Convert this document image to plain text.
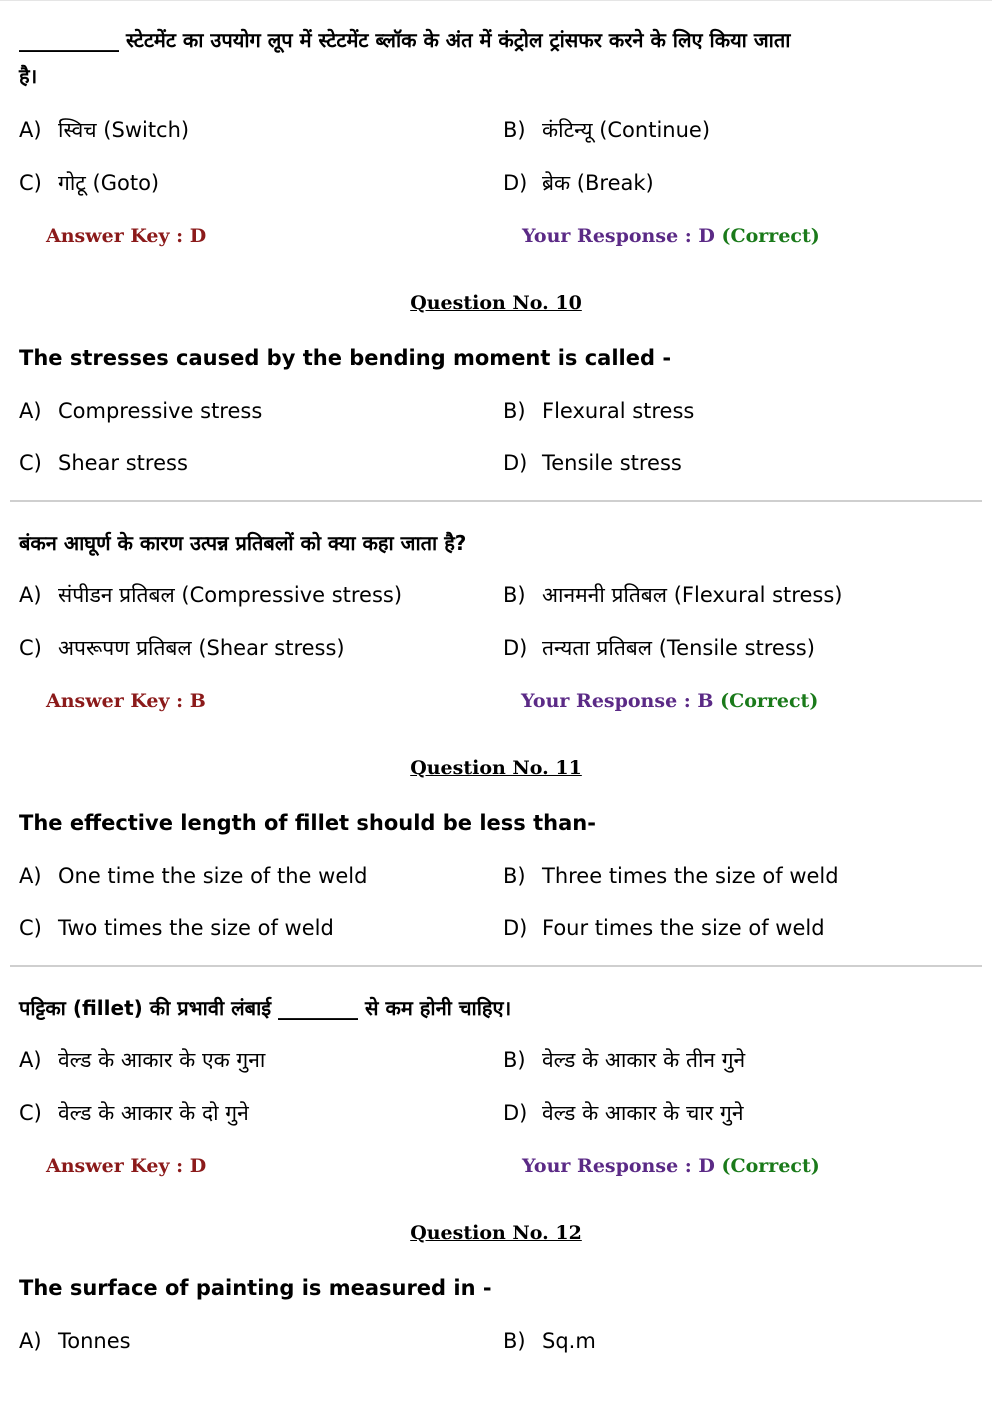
__________ स्टेटमेंट का उपयोग लूप में स्टेटमेंट ब्लॉक के अंत में कंट्रोल ट्रांसफर करने के लिए किया जाता
है।
A) स्विच (Switch)	B) कंटिन्यू (Continue)
C) गोटू (Goto)	D) ब्रेक (Break)
Answer Key : D	Your Response : D (Correct)
Question No. 10
The stresses caused by the bending moment is called -
A) Compressive stress	B) Flexural stress
C) Shear stress	D) Tensile stress
बंकन आघूर्ण के कारण उत्पन्न प्रतिबलों को क्या कहा जाता है?
A) संपीडन प्रतिबल (Compressive stress)	B) आनमनी प्रतिबल (Flexural stress)
C) अपरूपण प्रतिबल (Shear stress)	D) तन्यता प्रतिबल (Tensile stress)
Answer Key : B	Your Response : B (Correct)
Question No. 11
The effective length of fillet should be less than-
A) One time the size of the weld	B) Three times the size of weld
C) Two times the size of weld	D) Four times the size of weld
पट्टिका (fillet) की प्रभावी लंबाई ________ से कम होनी चाहिए।
A) वेल्ड के आकार के एक गुना	B) वेल्ड के आकार के तीन गुने
C) वेल्ड के आकार के दो गुने	D) वेल्ड के आकार के चार गुने
Answer Key : D	Your Response : D (Correct)
Question No. 12
The surface of painting is measured in -
A) Tonnes	B) Sq.m
